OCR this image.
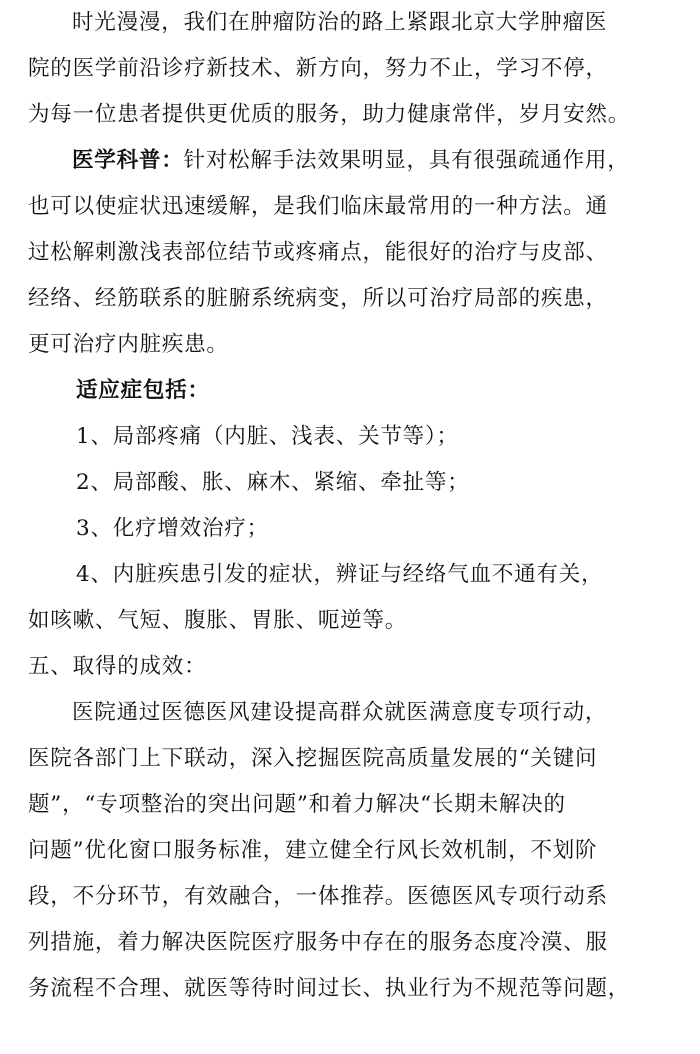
时光漫漫，我们在肿瘤防治的路上紧跟北京大学肿瘤医

院的医学前沿诊疗新技术、新方向，努力不止，学习不停，

为每一位患者提供更优质的服务，助力健康常伴，岁月安然。

医学科普：针对松解手法效果明显，具有很强疏通作用，

也可以使症状迅速缓解，是我们临床最常用的一种方法。通

过松解刺激浅表部位结节或疼痛点，能很好的治疗与皮部、

经络、经筋联系的脏腑系统病变，所以可治疗局部的疾患，

更可治疗内脏疾患。

适应症包括：

1、局部疼痛（内脏、浅表、关节等）；

2、局部酸、胀、麻木、紧缩、牵扯等；

3、化疗增效治疗；

4、内脏疾患引发的症状，辨证与经络气血不通有关，

如咳嗽、气短、腹胀、胃胀、呃逆等。

五、取得的成效：

医院通过医德医风建设提高群众就医满意度专项行动，

医院各部门上下联动，深入挖掘医院高质量发展的“关键问

题”，“专项整治的突出问题”和着力解决“长期未解决的

问题”优化窗口服务标准，建立健全行风长效机制，不划阶

段，不分环节，有效融合，一体推荐。医德医风专项行动系

列措施，着力解决医院医疗服务中存在的服务态度冷漠、服

务流程不合理、就医等待时间过长、执业行为不规范等问题，
